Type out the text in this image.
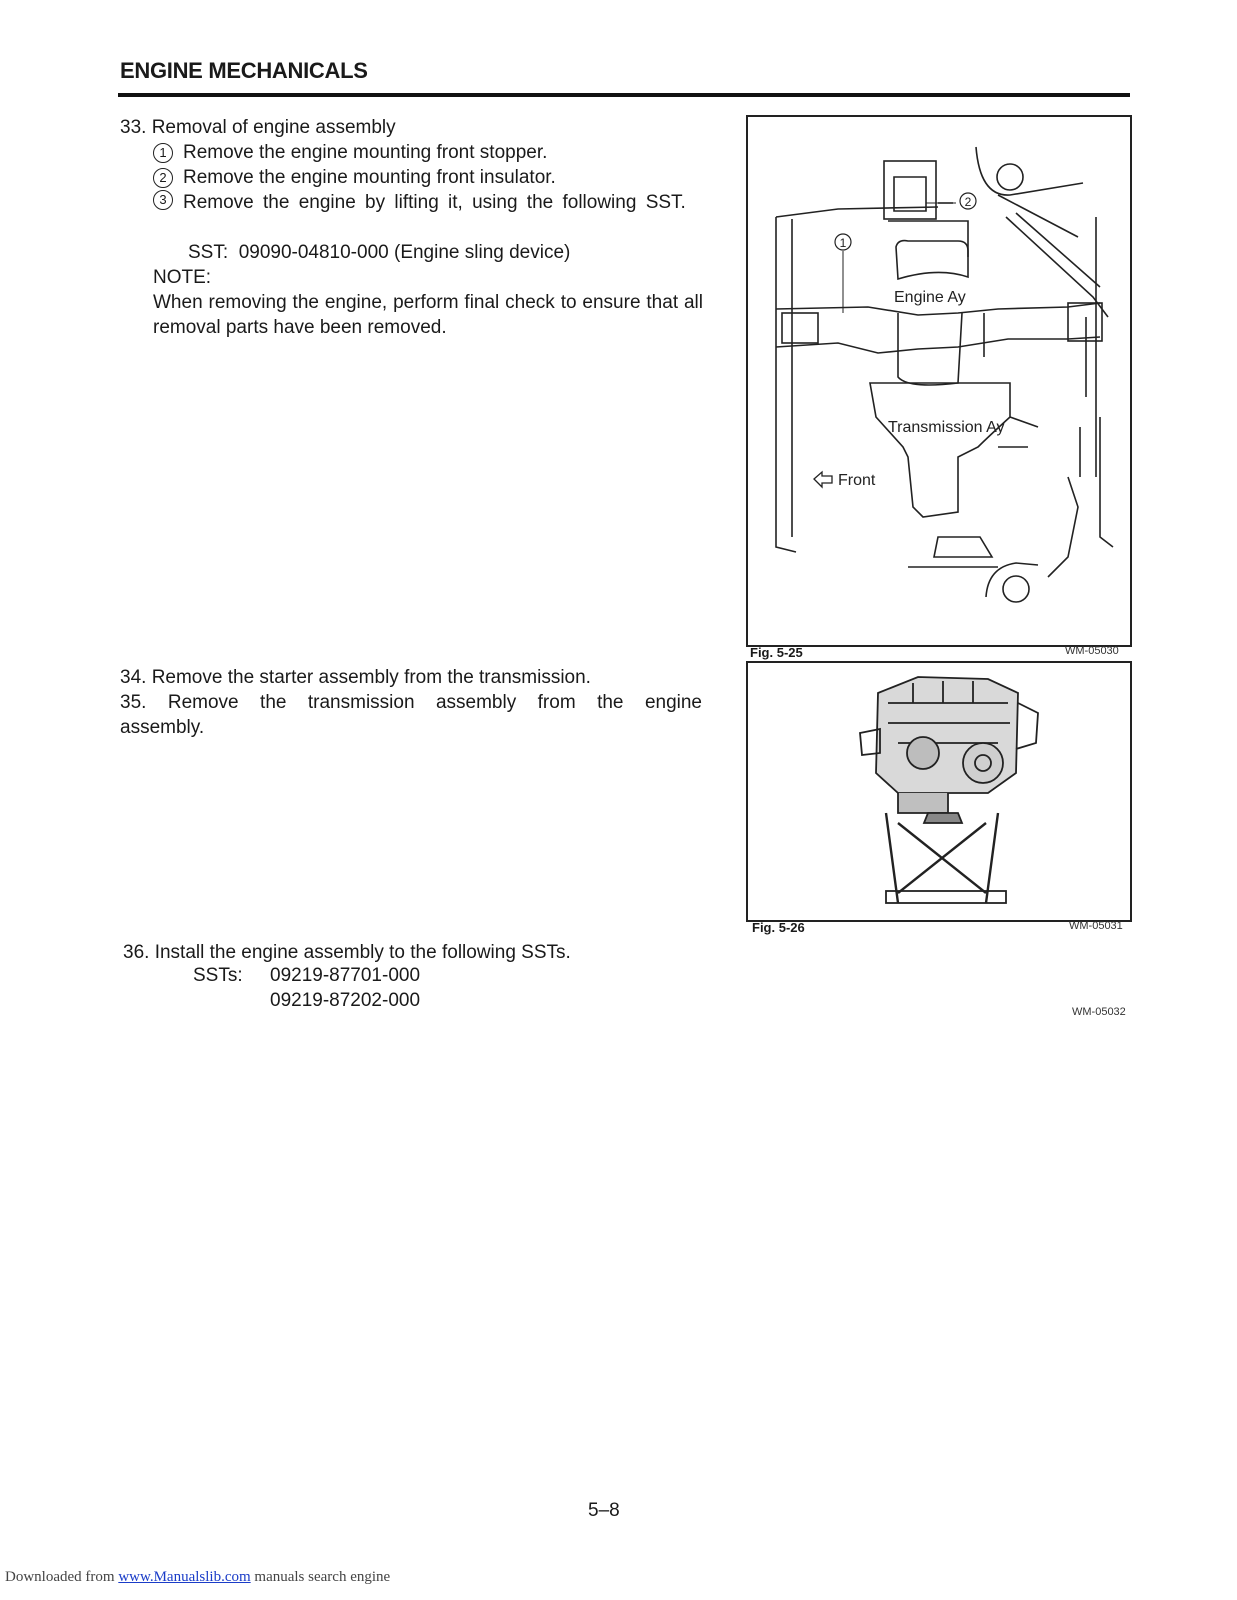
ENGINE MECHANICALS
33. Removal of engine assembly
1 Remove the engine mounting front stopper.
2 Remove the engine mounting front insulator.
3 Remove the engine by lifting it, using the following SST.
SST: 09090-04810-000 (Engine sling device)
NOTE:
When removing the engine, perform final check to ensure that all removal parts have been removed.
34. Remove the starter assembly from the transmission.
35. Remove the transmission assembly from the engine assembly.
36. Install the engine assembly to the following SSTs.
SSTs: 09219-87701-000
09219-87202-000
1
2
Engine Ay
Transmission Ay
Front
Fig. 5-25	WM-05030
Fig. 5-26	WM-05031
WM-05032
5–8
Downloaded from www.Manualslib.com manuals search engine
